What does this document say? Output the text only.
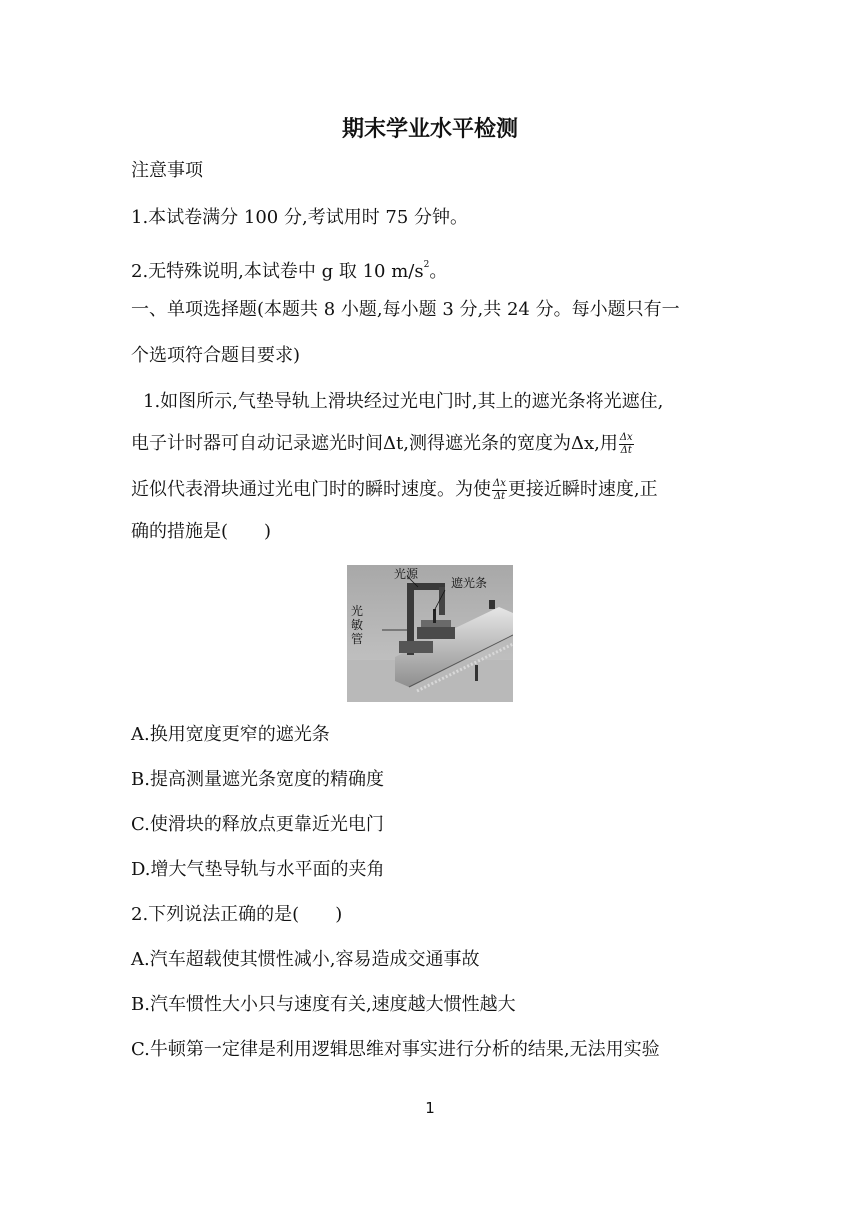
期末学业水平检测
注意事项
1.本试卷满分 100 分,考试用时 75 分钟。
2.无特殊说明,本试卷中 g 取 10 $m/s^2$。
一、单项选择题(本题共 8 小题,每小题 3 分,共 24 分。每小题只有一
个选项符合题目要求)
1.如图所示,气垫导轨上滑块经过光电门时,其上的遮光条将光遮住,
电子计时器可自动记录遮光时间Δt,测得遮光条的宽度为Δx,用 $\frac{\Delta x}{\Delta t}$
近似代表滑块通过光电门时的瞬时速度。为使 $\frac{\Delta x}{\Delta t}$ 更接近瞬时速度,正
确的措施是(　　)
光源
遮光条
光
敏
管
A.换用宽度更窄的遮光条
B.提高测量遮光条宽度的精确度
C.使滑块的释放点更靠近光电门
D.增大气垫导轨与水平面的夹角
2.下列说法正确的是(　　)
A.汽车超载使其惯性减小,容易造成交通事故
B.汽车惯性大小只与速度有关,速度越大惯性越大
C.牛顿第一定律是利用逻辑思维对事实进行分析的结果,无法用实验
1
